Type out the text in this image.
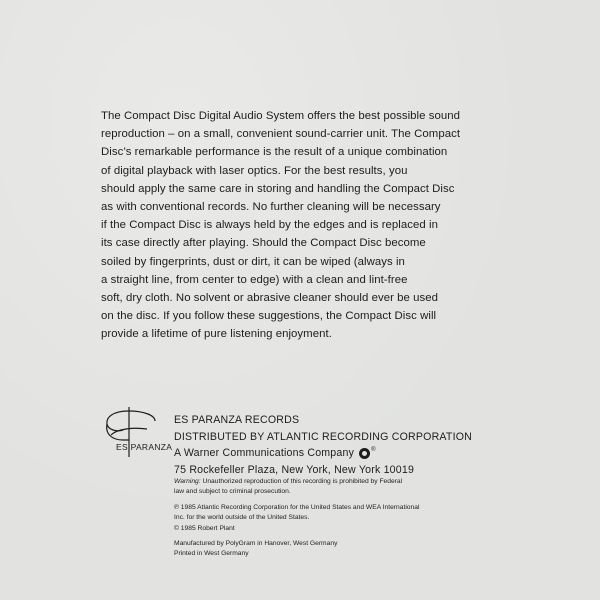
The Compact Disc Digital Audio System offers the best possible sound
reproduction – on a small, convenient sound-carrier unit. The Compact
Disc’s remarkable performance is the result of a unique combination
of digital playback with laser optics. For the best results, you
should apply the same care in storing and handling the Compact Disc
as with conventional records. No further cleaning will be necessary
if the Compact Disc is always held by the edges and is replaced in
its case directly after playing. Should the Compact Disc become
soiled by fingerprints, dust or dirt, it can be wiped (always in
a straight line, from center to edge) with a clean and lint-free
soft, dry cloth. No solvent or abrasive cleaner should ever be used
on the disc. If you follow these suggestions, the Compact Disc will
provide a lifetime of pure listening enjoyment.
ES PARANZA
ES PARANZA RECORDS
DISTRIBUTED BY ATLANTIC RECORDING CORPORATION
A Warner Communications Company	®
75 Rockefeller Plaza, New York, New York 10019
Warning: Unauthorized reproduction of this recording is prohibited by Federal
law and subject to criminal prosecution.
℗ 1985 Atlantic Recording Corporation for the United States and WEA International
Inc. for the world outside of the United States.
© 1985 Robert Plant
Manufactured by PolyGram in Hanover, West Germany
Printed in West Germany
